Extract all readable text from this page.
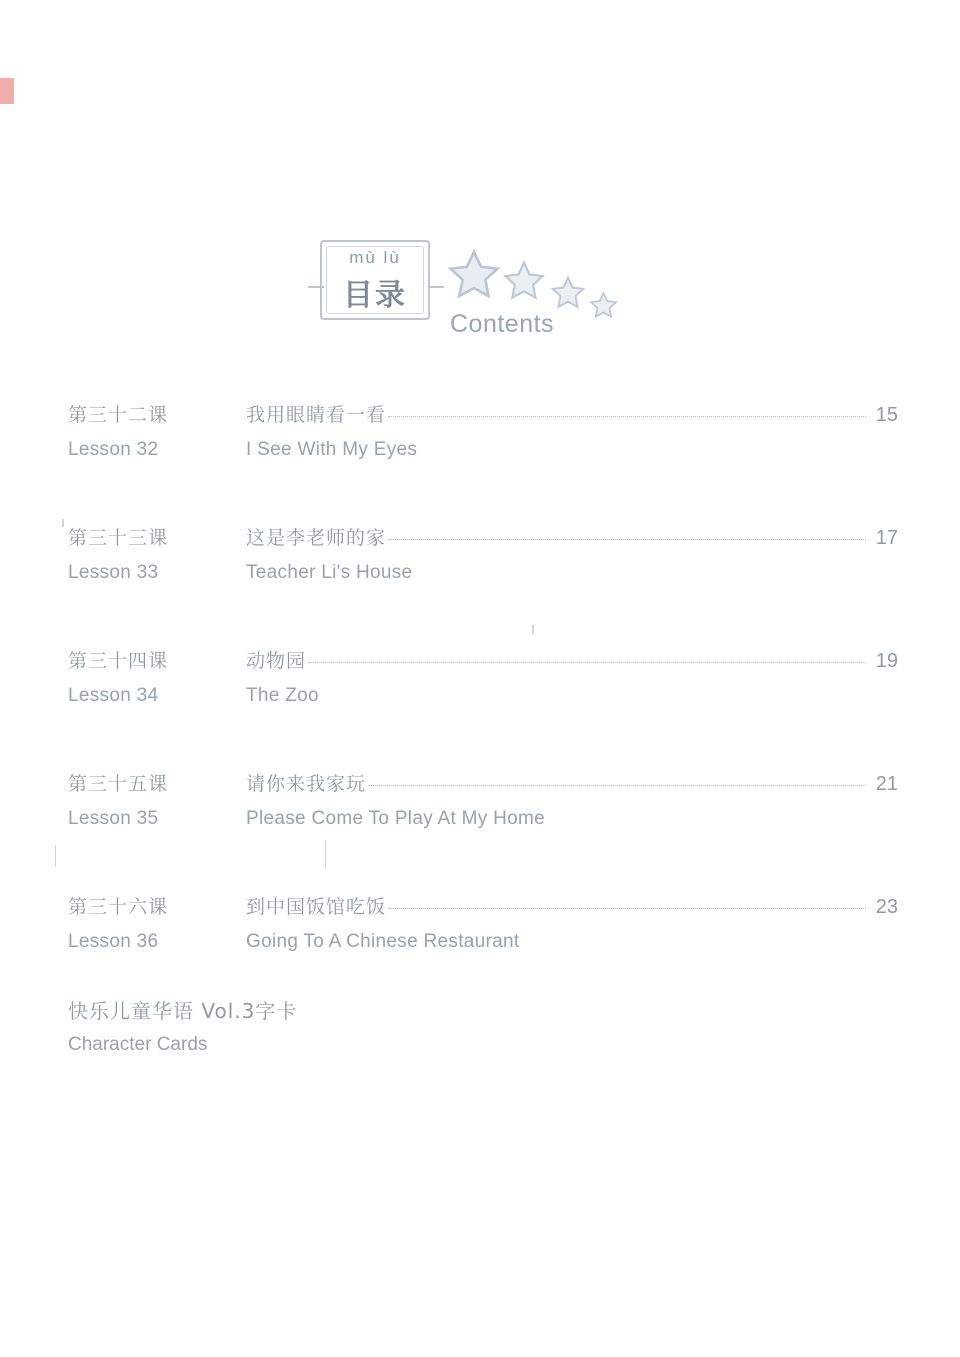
mù lù
目录
Contents
第三十二课	我用眼睛看一看	15
Lesson 32	I See With My Eyes
第三十三课	这是李老师的家	17
Lesson 33	Teacher Li's House
第三十四课	动物园	19
Lesson 34	The Zoo
第三十五课	请你来我家玩	21
Lesson 35	Please Come To Play At My Home
第三十六课	到中国饭馆吃饭	23
Lesson 36	Going To A Chinese Restaurant
快乐儿童华语 Vol.3字卡
Character Cards
